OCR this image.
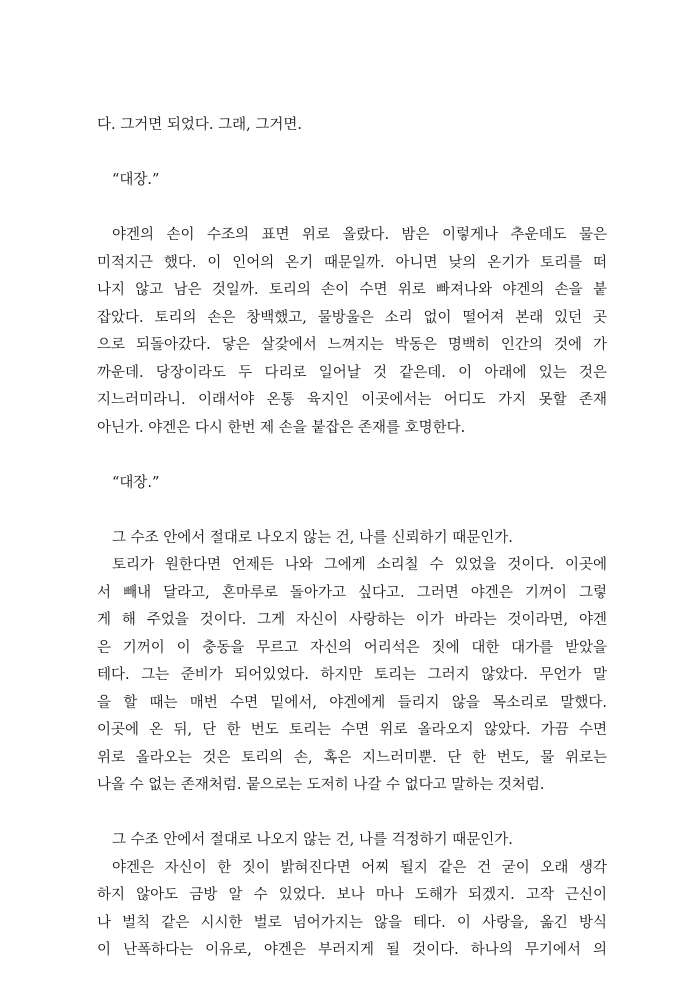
다. 그거면 되었다. 그래, 그거면.
“대장.”
야겐의 손이 수조의 표면 위로 올랐다. 밤은 이렇게나 추운데도 물은
미적지근 했다. 이 인어의 온기 때문일까. 아니면 낮의 온기가 토리를 떠
나지 않고 남은 것일까. 토리의 손이 수면 위로 빠져나와 야겐의 손을 붙
잡았다. 토리의 손은 창백했고, 물방울은 소리 없이 떨어져 본래 있던 곳
으로 되돌아갔다. 닿은 살갗에서 느껴지는 박동은 명백히 인간의 것에 가
까운데. 당장이라도 두 다리로 일어날 것 같은데. 이 아래에 있는 것은
지느러미라니. 이래서야 온통 육지인 이곳에서는 어디도 가지 못할 존재
아닌가. 야겐은 다시 한번 제 손을 붙잡은 존재를 호명한다.
“대장.”
그 수조 안에서 절대로 나오지 않는 건, 나를 신뢰하기 때문인가.
토리가 원한다면 언제든 나와 그에게 소리칠 수 있었을 것이다. 이곳에
서 빼내 달라고, 혼마루로 돌아가고 싶다고. 그러면 야겐은 기꺼이 그렇
게 해 주었을 것이다. 그게 자신이 사랑하는 이가 바라는 것이라면, 야겐
은 기꺼이 이 충동을 무르고 자신의 어리석은 짓에 대한 대가를 받았을
테다. 그는 준비가 되어있었다. 하지만 토리는 그러지 않았다. 무언가 말
을 할 때는 매번 수면 밑에서, 야겐에게 들리지 않을 목소리로 말했다.
이곳에 온 뒤, 단 한 번도 토리는 수면 위로 올라오지 않았다. 가끔 수면
위로 올라오는 것은 토리의 손, 혹은 지느러미뿐. 단 한 번도, 물 위로는
나올 수 없는 존재처럼. 뭍으로는 도저히 나갈 수 없다고 말하는 것처럼.
그 수조 안에서 절대로 나오지 않는 건, 나를 걱정하기 때문인가.
야겐은 자신이 한 짓이 밝혀진다면 어찌 될지 같은 건 굳이 오래 생각
하지 않아도 금방 알 수 있었다. 보나 마나 도해가 되겠지. 고작 근신이
나 벌칙 같은 시시한 벌로 넘어가지는 않을 테다. 이 사랑을, 옮긴 방식
이 난폭하다는 이유로, 야겐은 부러지게 될 것이다. 하나의 무기에서 의
